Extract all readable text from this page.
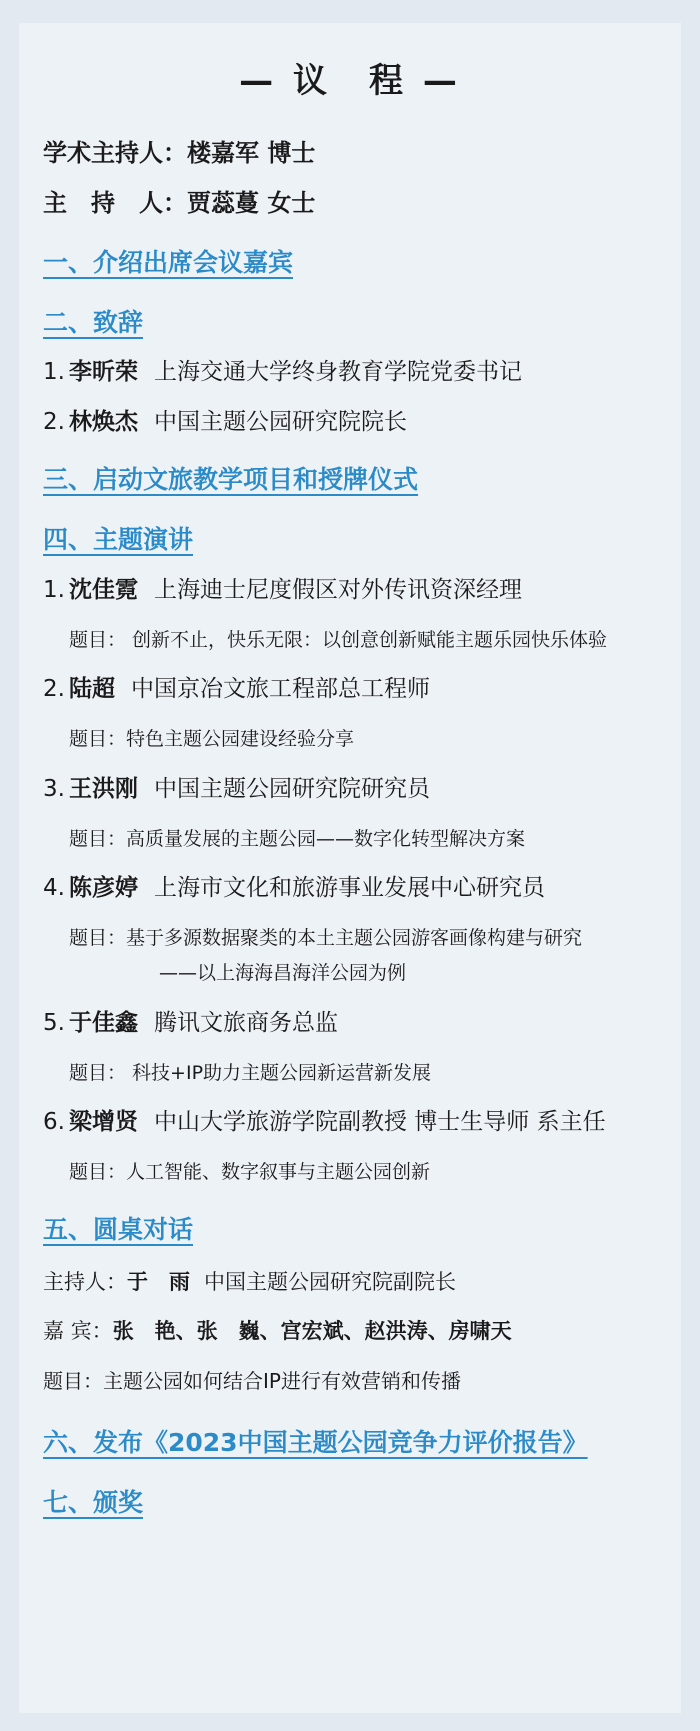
— 议　程 —
学术主持人：楼嘉军 博士
主　持　人：贾蕊蔓 女士
一、介绍出席会议嘉宾
二、致辞
1. 李昕荣 上海交通大学终身教育学院党委书记
2. 林焕杰 中国主题公园研究院院长
三、启动文旅教学项目和授牌仪式
四、主题演讲
1. 沈佳霓 上海迪士尼度假区对外传讯资深经理
题目： 创新不止，快乐无限：以创意创新赋能主题乐园快乐体验
2. 陆超 中国京冶文旅工程部总工程师
题目：特色主题公园建设经验分享
3. 王洪刚 中国主题公园研究院研究员
题目：高质量发展的主题公园——数字化转型解决方案
4. 陈彦婷 上海市文化和旅游事业发展中心研究员
题目：基于多源数据聚类的本土主题公园游客画像构建与研究
——以上海海昌海洋公园为例
5. 于佳鑫 腾讯文旅商务总监
题目： 科技+IP助力主题公园新运营新发展
6. 梁增贤 中山大学旅游学院副教授 博士生导师 系主任
题目：人工智能、数字叙事与主题公园创新
五、圆桌对话
主持人：于　雨 中国主题公园研究院副院长
嘉 宾：张　艳、张　巍、宫宏斌、赵洪涛、房啸天
题目：主题公园如何结合IP进行有效营销和传播
六、发布《2023中国主题公园竞争力评价报告》
七、颁奖
